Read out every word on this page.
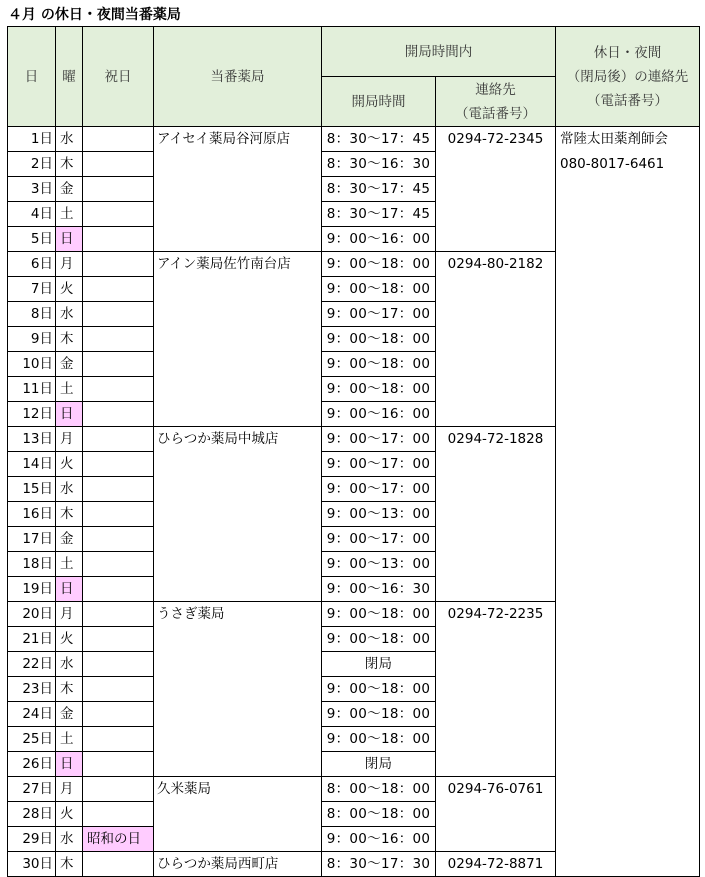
４月 の休日・夜間当番薬局
日	曜	祝日	当番薬局	開局時間内		休日・夜間
（閉局後）の連絡先
（電話番号）

				開局時間	連絡先
（電話番号）	

1日	水		アイセイ薬局谷河原店	8：30～17：45	0294-72-2345	常陸太田薬剤師会
080-8017-6461

2日	木			8：30～16：30		
3日	金			8：30～17：45		
4日	土			8：30～17：45		
5日	日			9：00～16：00		
6日	月		アイン薬局佐竹南台店	9：00～18：00	0294-80-2182	
7日	火			9：00～18：00		
8日	水			9：00～17：00		
9日	木			9：00～18：00		
10日	金			9：00～18：00		
11日	土			9：00～18：00		
12日	日			9：00～16：00		
13日	月		ひらつか薬局中城店	9：00～17：00	0294-72-1828	
14日	火			9：00～17：00		
15日	水			9：00～17：00		
16日	木			9：00～13：00		
17日	金			9：00～17：00		
18日	土			9：00～13：00		
19日	日			9：00～16：30		
20日	月		うさぎ薬局	9：00～18：00	0294-72-2235	
21日	火			9：00～18：00		
22日	水			閉局		
23日	木			9：00～18：00		
24日	金			9：00～18：00		
25日	土			9：00～18：00		
26日	日			閉局		
27日	月		久米薬局	8：00～18：00	0294-76-0761	
28日	火			8：00～18：00		
29日	水	昭和の日		9：00～16：00		
30日	木		ひらつか薬局西町店	8：30～17：30	0294-72-8871	
